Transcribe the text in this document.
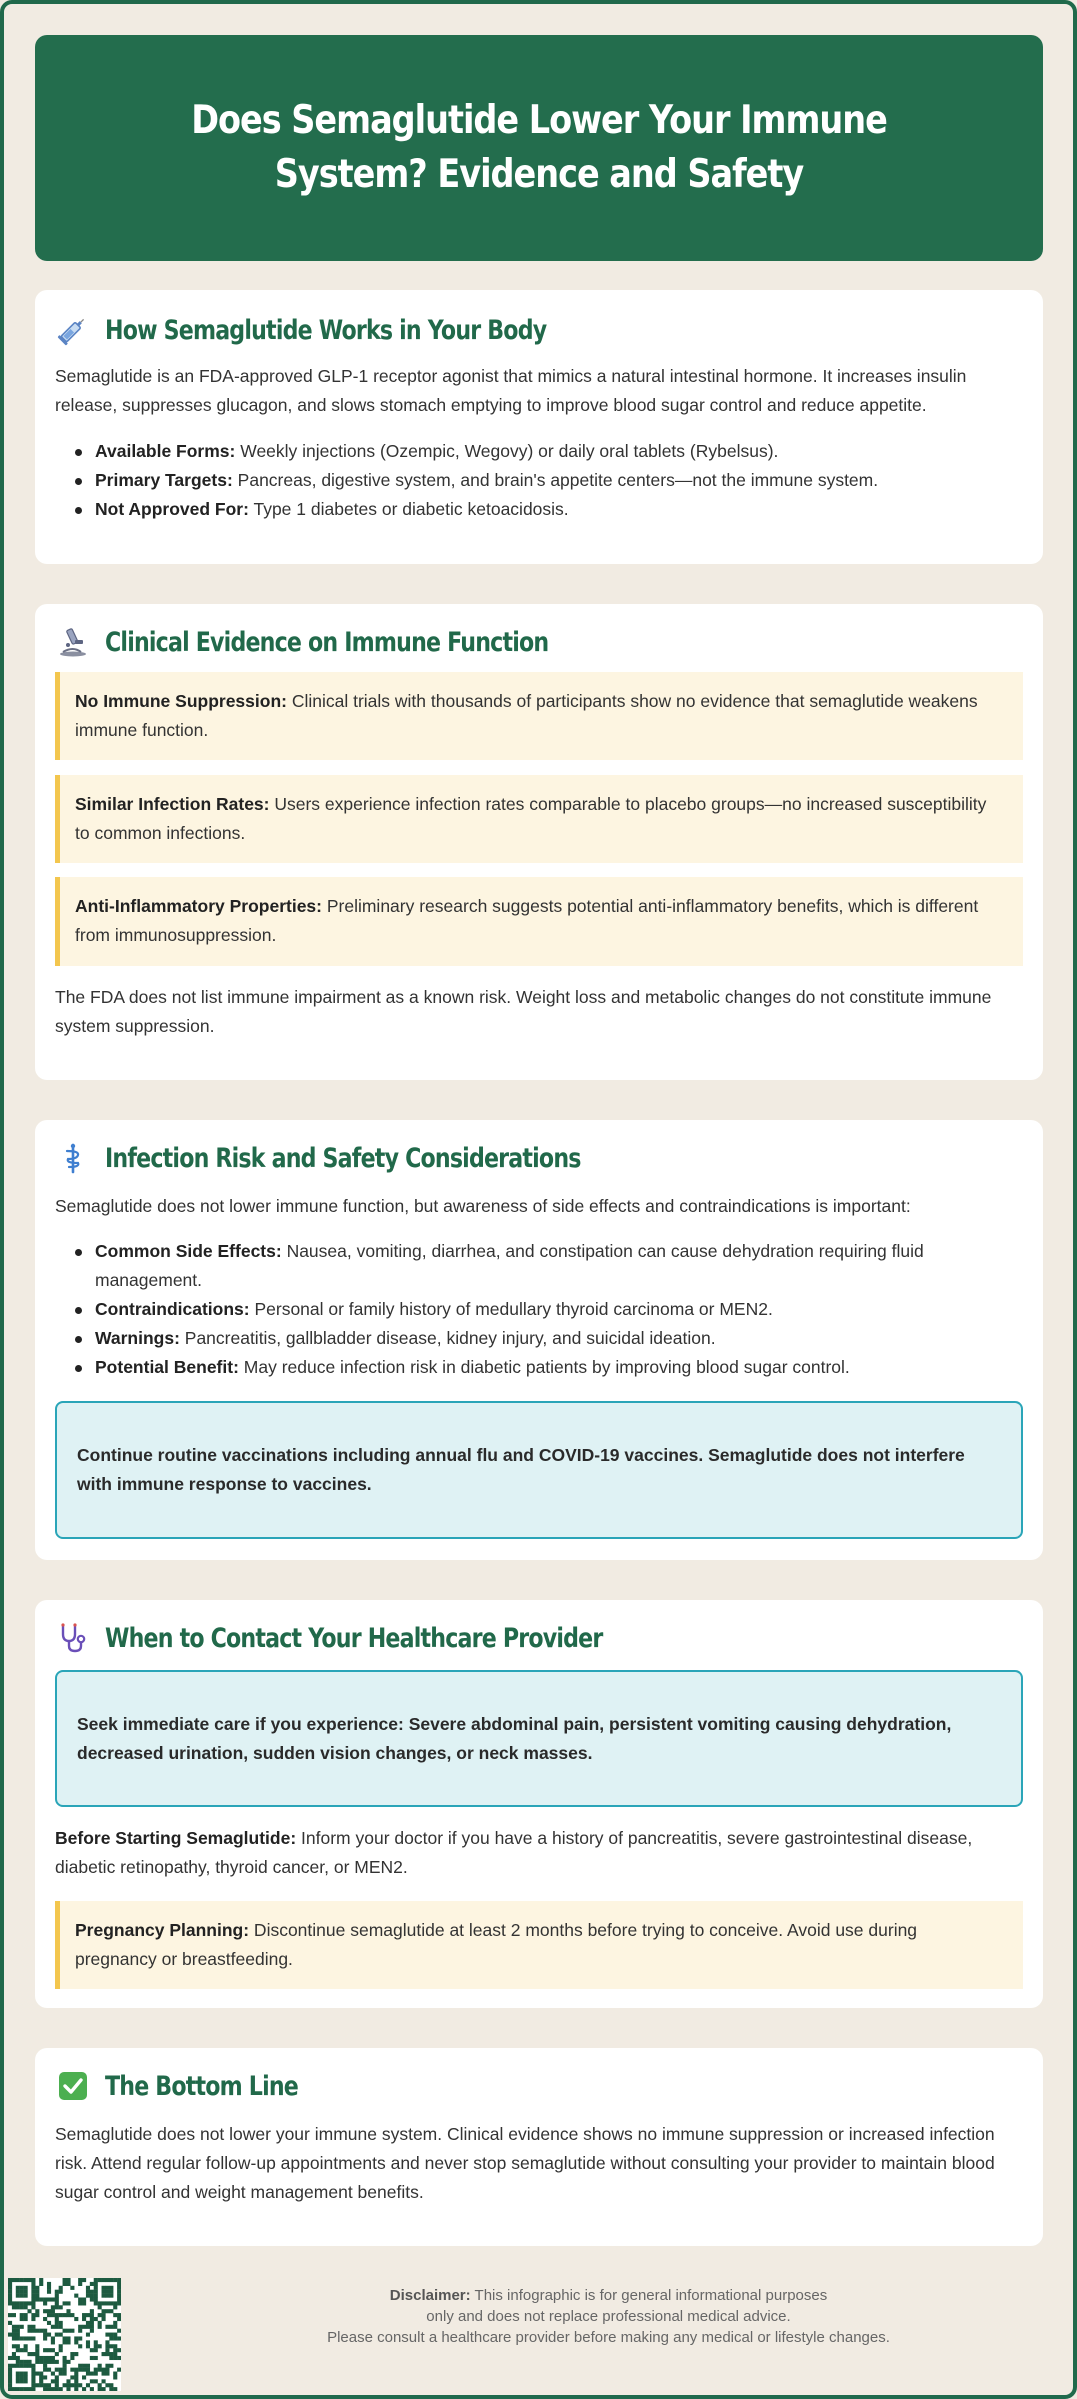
Does Semaglutide Lower Your Immune System? Evidence and Safety
How Semaglutide Works in Your Body
Semaglutide is an FDA-approved GLP-1 receptor agonist that mimics a natural intestinal hormone. It increases insulin release, suppresses glucagon, and slows stomach emptying to improve blood sugar control and reduce appetite.
Available Forms: Weekly injections (Ozempic, Wegovy) or daily oral tablets (Rybelsus).
Primary Targets: Pancreas, digestive system, and brain's appetite centers—not the immune system.
Not Approved For: Type 1 diabetes or diabetic ketoacidosis.
Clinical Evidence on Immune Function
No Immune Suppression: Clinical trials with thousands of participants show no evidence that semaglutide weakens immune function.
Similar Infection Rates: Users experience infection rates comparable to placebo groups—no increased susceptibility to common infections.
Anti-Inflammatory Properties: Preliminary research suggests potential anti-inflammatory benefits, which is different from immunosuppression.
The FDA does not list immune impairment as a known risk. Weight loss and metabolic changes do not constitute immune system suppression.
Infection Risk and Safety Considerations
Semaglutide does not lower immune function, but awareness of side effects and contraindications is important:
Common Side Effects: Nausea, vomiting, diarrhea, and constipation can cause dehydration requiring fluid management.
Contraindications: Personal or family history of medullary thyroid carcinoma or MEN2.
Warnings: Pancreatitis, gallbladder disease, kidney injury, and suicidal ideation.
Potential Benefit: May reduce infection risk in diabetic patients by improving blood sugar control.
Continue routine vaccinations including annual flu and COVID-19 vaccines. Semaglutide does not interfere with immune response to vaccines.
When to Contact Your Healthcare Provider
Seek immediate care if you experience: Severe abdominal pain, persistent vomiting causing dehydration, decreased urination, sudden vision changes, or neck masses.
Before Starting Semaglutide: Inform your doctor if you have a history of pancreatitis, severe gastrointestinal disease, diabetic retinopathy, thyroid cancer, or MEN2.
Pregnancy Planning: Discontinue semaglutide at least 2 months before trying to conceive. Avoid use during pregnancy or breastfeeding.
The Bottom Line
Semaglutide does not lower your immune system. Clinical evidence shows no immune suppression or increased infection risk. Attend regular follow-up appointments and never stop semaglutide without consulting your provider to maintain blood sugar control and weight management benefits.
Disclaimer: This infographic is for general informational purposes
only and does not replace professional medical advice.
Please consult a healthcare provider before making any medical or lifestyle changes.
